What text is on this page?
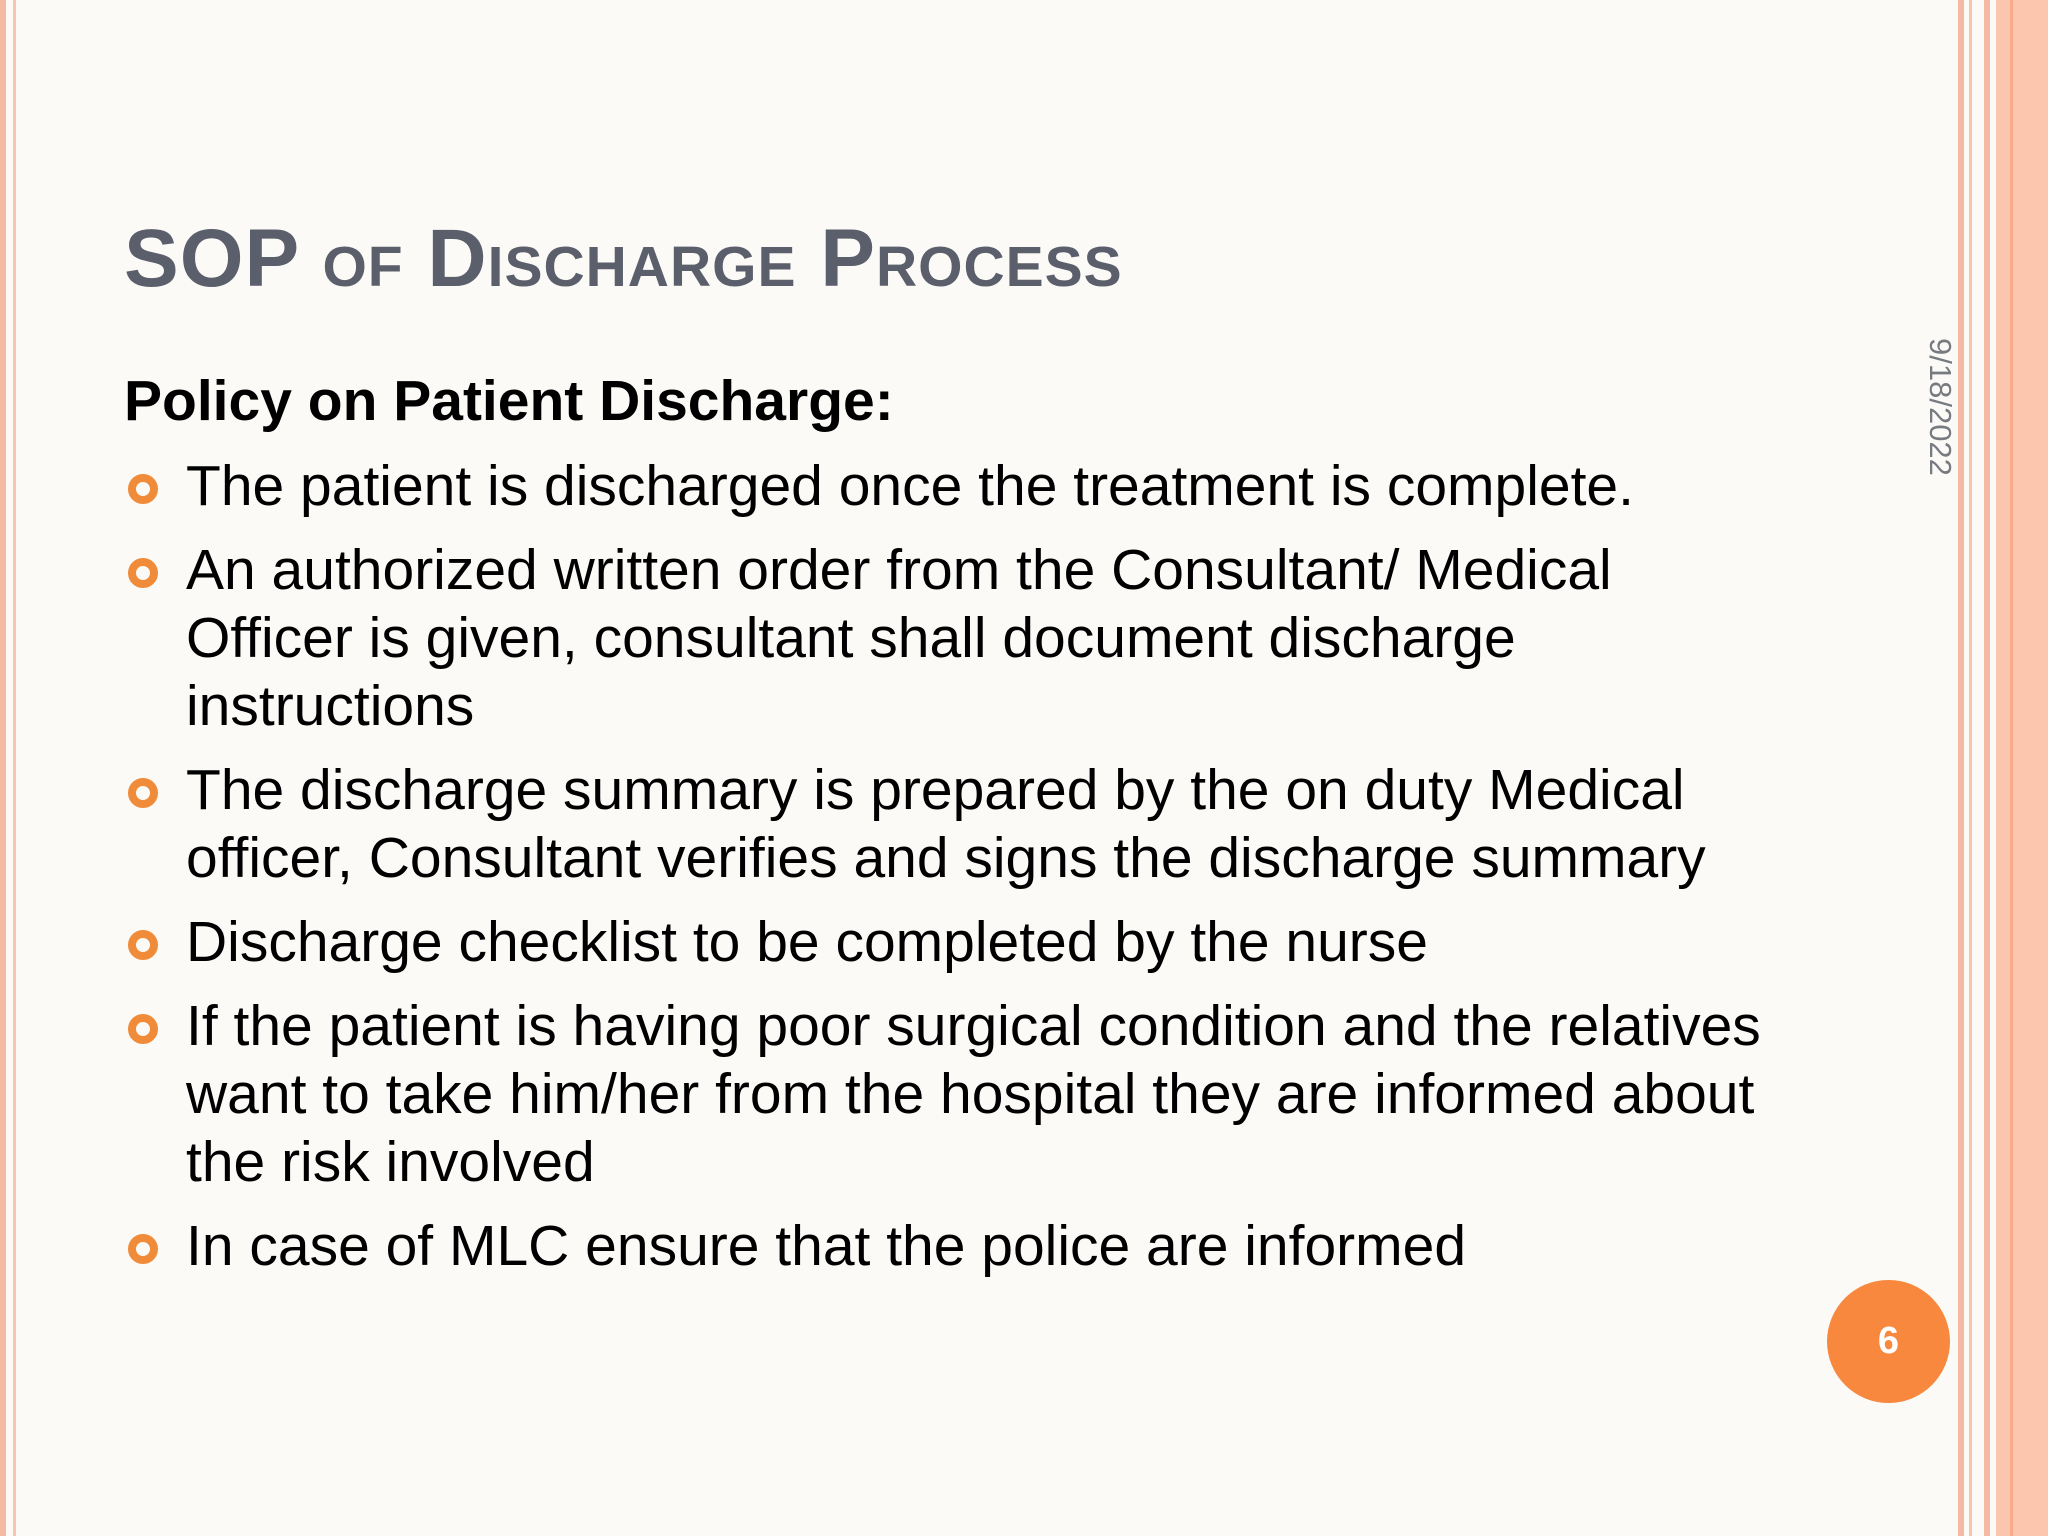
SOP of Discharge Process
9/18/2022
Policy on Patient Discharge:
The patient is discharged once the treatment is complete.
An authorized written order from the Consultant/ Medical Officer is given, consultant shall document discharge instructions
The discharge summary is prepared by the on duty Medical officer, Consultant verifies and signs the discharge summary
Discharge checklist to be completed by the nurse
If the patient is having poor surgical condition and the relatives want to take him/her from the hospital they are informed about the risk involved
In case of MLC ensure that the police are informed
6
